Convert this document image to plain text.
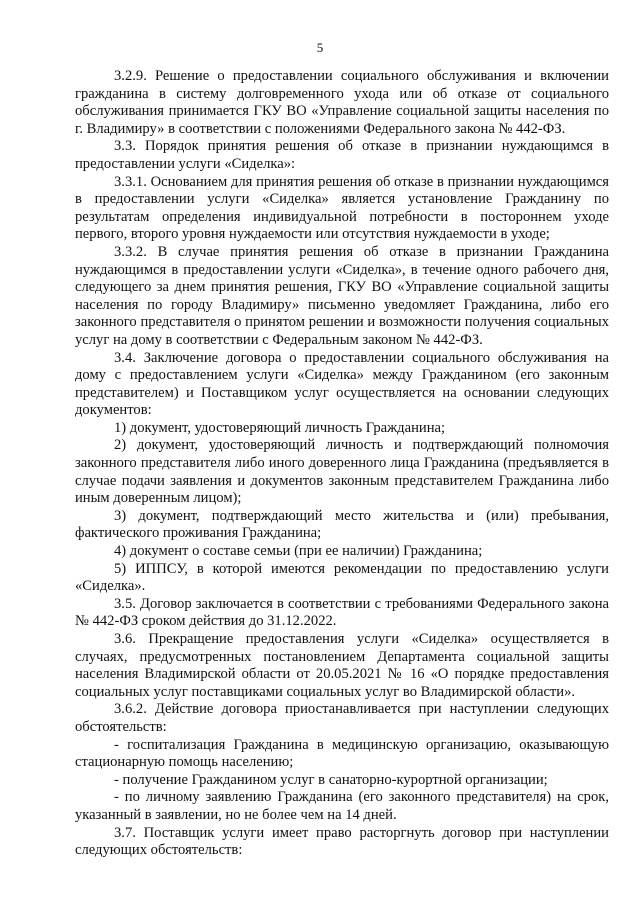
5

3.2.9. Решение о предоставлении социального обслуживания и включении гражданина в систему долговременного ухода или об отказе от социального обслуживания принимается ГКУ ВО «Управление социальной защиты населения по г. Владимиру» в соответствии с положениями Федерального закона № 442-ФЗ.

3.3. Порядок принятия решения об отказе в признании нуждающимся в предоставлении услуги «Сиделка»:

3.3.1. Основанием для принятия решения об отказе в признании нуждающимся в предоставлении услуги «Сиделка» является установление Гражданину по результатам определения индивидуальной потребности в постороннем уходе первого, второго уровня нуждаемости или отсутствия нуждаемости в уходе;

3.3.2. В случае принятия решения об отказе в признании Гражданина нуждающимся в предоставлении услуги «Сиделка», в течение одного рабочего дня, следующего за днем принятия решения, ГКУ ВО «Управление социальной защиты населения по городу Владимиру» письменно уведомляет Гражданина, либо его законного представителя о принятом решении и возможности получения социальных услуг на дому в соответствии с Федеральным законом № 442-ФЗ.

3.4. Заключение договора о предоставлении социального обслуживания на дому с предоставлением услуги «Сиделка» между Гражданином (его законным представителем) и Поставщиком услуг осуществляется на основании следующих документов:

1) документ, удостоверяющий личность Гражданина;

2) документ, удостоверяющий личность и подтверждающий полномочия законного представителя либо иного доверенного лица Гражданина (предъявляется в случае подачи заявления и документов законным представителем Гражданина либо иным доверенным лицом);

3) документ, подтверждающий место жительства и (или) пребывания, фактического проживания Гражданина;

4) документ о составе семьи (при ее наличии) Гражданина;

5) ИППСУ, в которой имеются рекомендации по предоставлению услуги «Сиделка».

3.5. Договор заключается в соответствии с требованиями Федерального закона № 442-ФЗ сроком действия до 31.12.2022.

3.6. Прекращение предоставления услуги «Сиделка» осуществляется в случаях, предусмотренных постановлением Департамента социальной защиты населения Владимирской области от 20.05.2021 № 16 «О порядке предоставления социальных услуг поставщиками социальных услуг во Владимирской области».

3.6.2. Действие договора приостанавливается при наступлении следующих обстоятельств:

- госпитализация Гражданина в медицинскую организацию, оказывающую стационарную помощь населению;

- получение Гражданином услуг в санаторно-курортной организации;

- по личному заявлению Гражданина (его законного представителя) на срок, указанный в заявлении, но не более чем на 14 дней.

3.7. Поставщик услуги имеет право расторгнуть договор при наступлении следующих обстоятельств:
